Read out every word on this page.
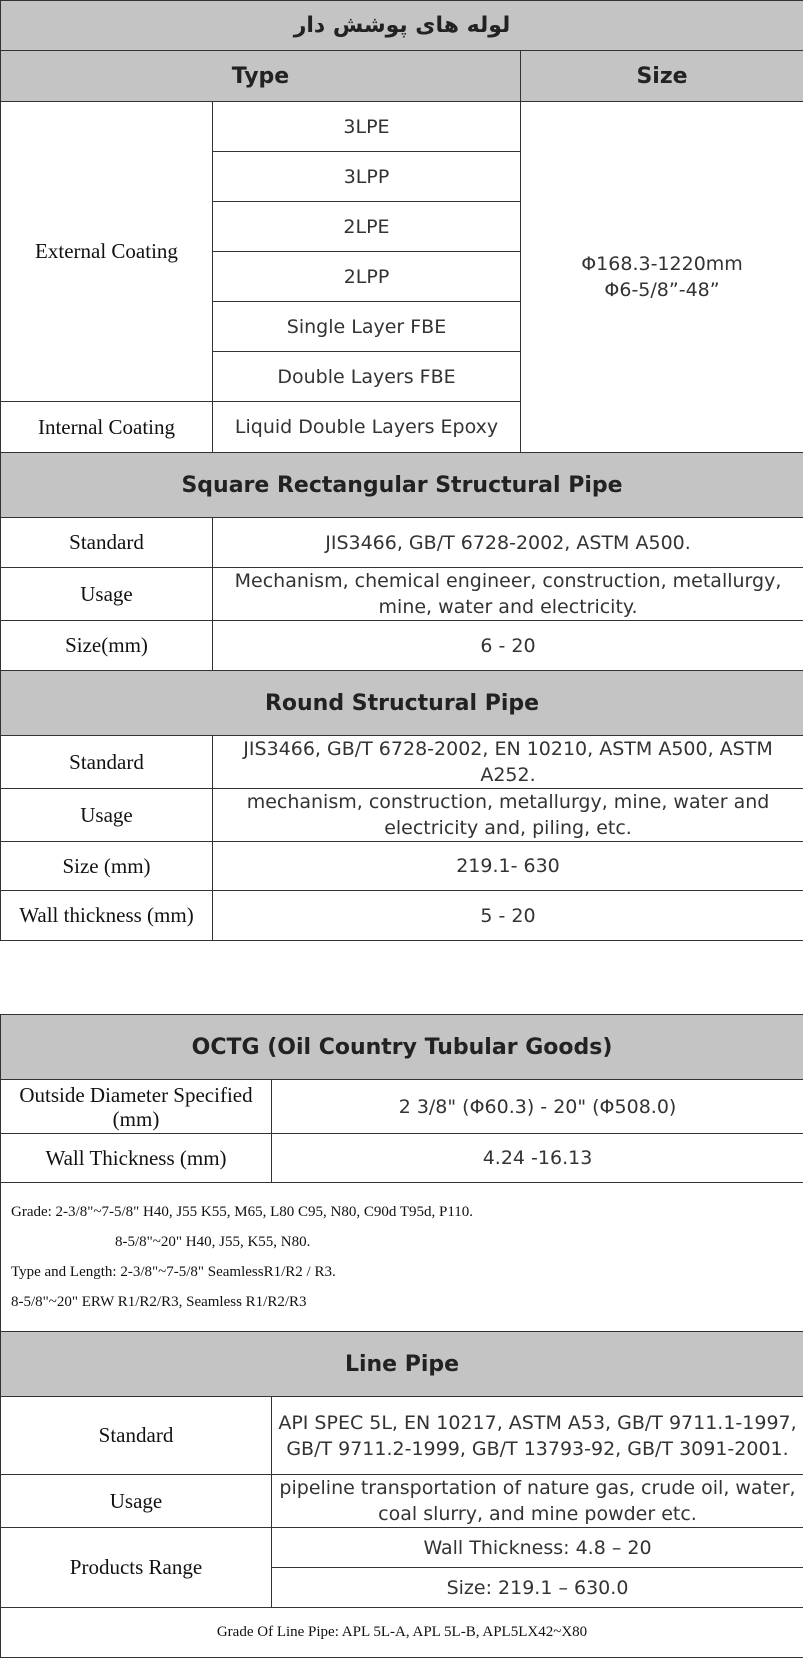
لوله های پوشش دار		
Type		Size
External Coating	3LPE	Φ168.3-1220mm
Φ6-5/8”-48”

	3LPP	
	2LPE	
	2LPP	
	Single Layer FBE	
	Double Layers FBE	
Internal Coating	Liquid Double Layers Epoxy	
Square Rectangular Structural Pipe		
Standard	JIS3466, GB/T 6728-2002, ASTM A500.	
Usage	Mechanism, chemical engineer, construction, metallurgy, mine, water and electricity.	
Size(mm)	6 - 20	
Round Structural Pipe		
Standard	JIS3466, GB/T 6728-2002, EN 10210, ASTM A500, ASTM A252.	
Usage	mechanism, construction, metallurgy, mine, water and electricity and, piling, etc.	
Size (mm)	219.1- 630	
Wall thickness (mm)	5 - 20	
OCTG (Oil Country Tubular Goods)	
Outside Diameter Specified (mm)	2 3/8" (Φ60.3) - 20" (Φ508.0)
Wall Thickness (mm)	4.24 -16.13

Grade: 2-3/8"~7-5/8" H40, J55 K55, M65, L80 C95, N80, C90d T95d, P110.
8-5/8"~20" H40, J55, K55, N80.
Type and Length: 2-3/8"~7-5/8" SeamlessR1/R2 / R3.
8-5/8"~20" ERW R1/R2/R3, Seamless R1/R2/R3	

Line Pipe	
Standard	API SPEC 5L, EN 10217, ASTM A53, GB/T 9711.1-1997, GB/T 9711.2-1999, GB/T 13793-92, GB/T 3091-2001.
Usage	pipeline transportation of nature gas, crude oil, water, coal slurry, and mine powder etc.
Products Range	Wall Thickness: 4.8 – 20
	Size: 219.1 – 630.0
Grade Of Line Pipe: APL 5L-A, APL 5L-B, APL5LX42~X80	
